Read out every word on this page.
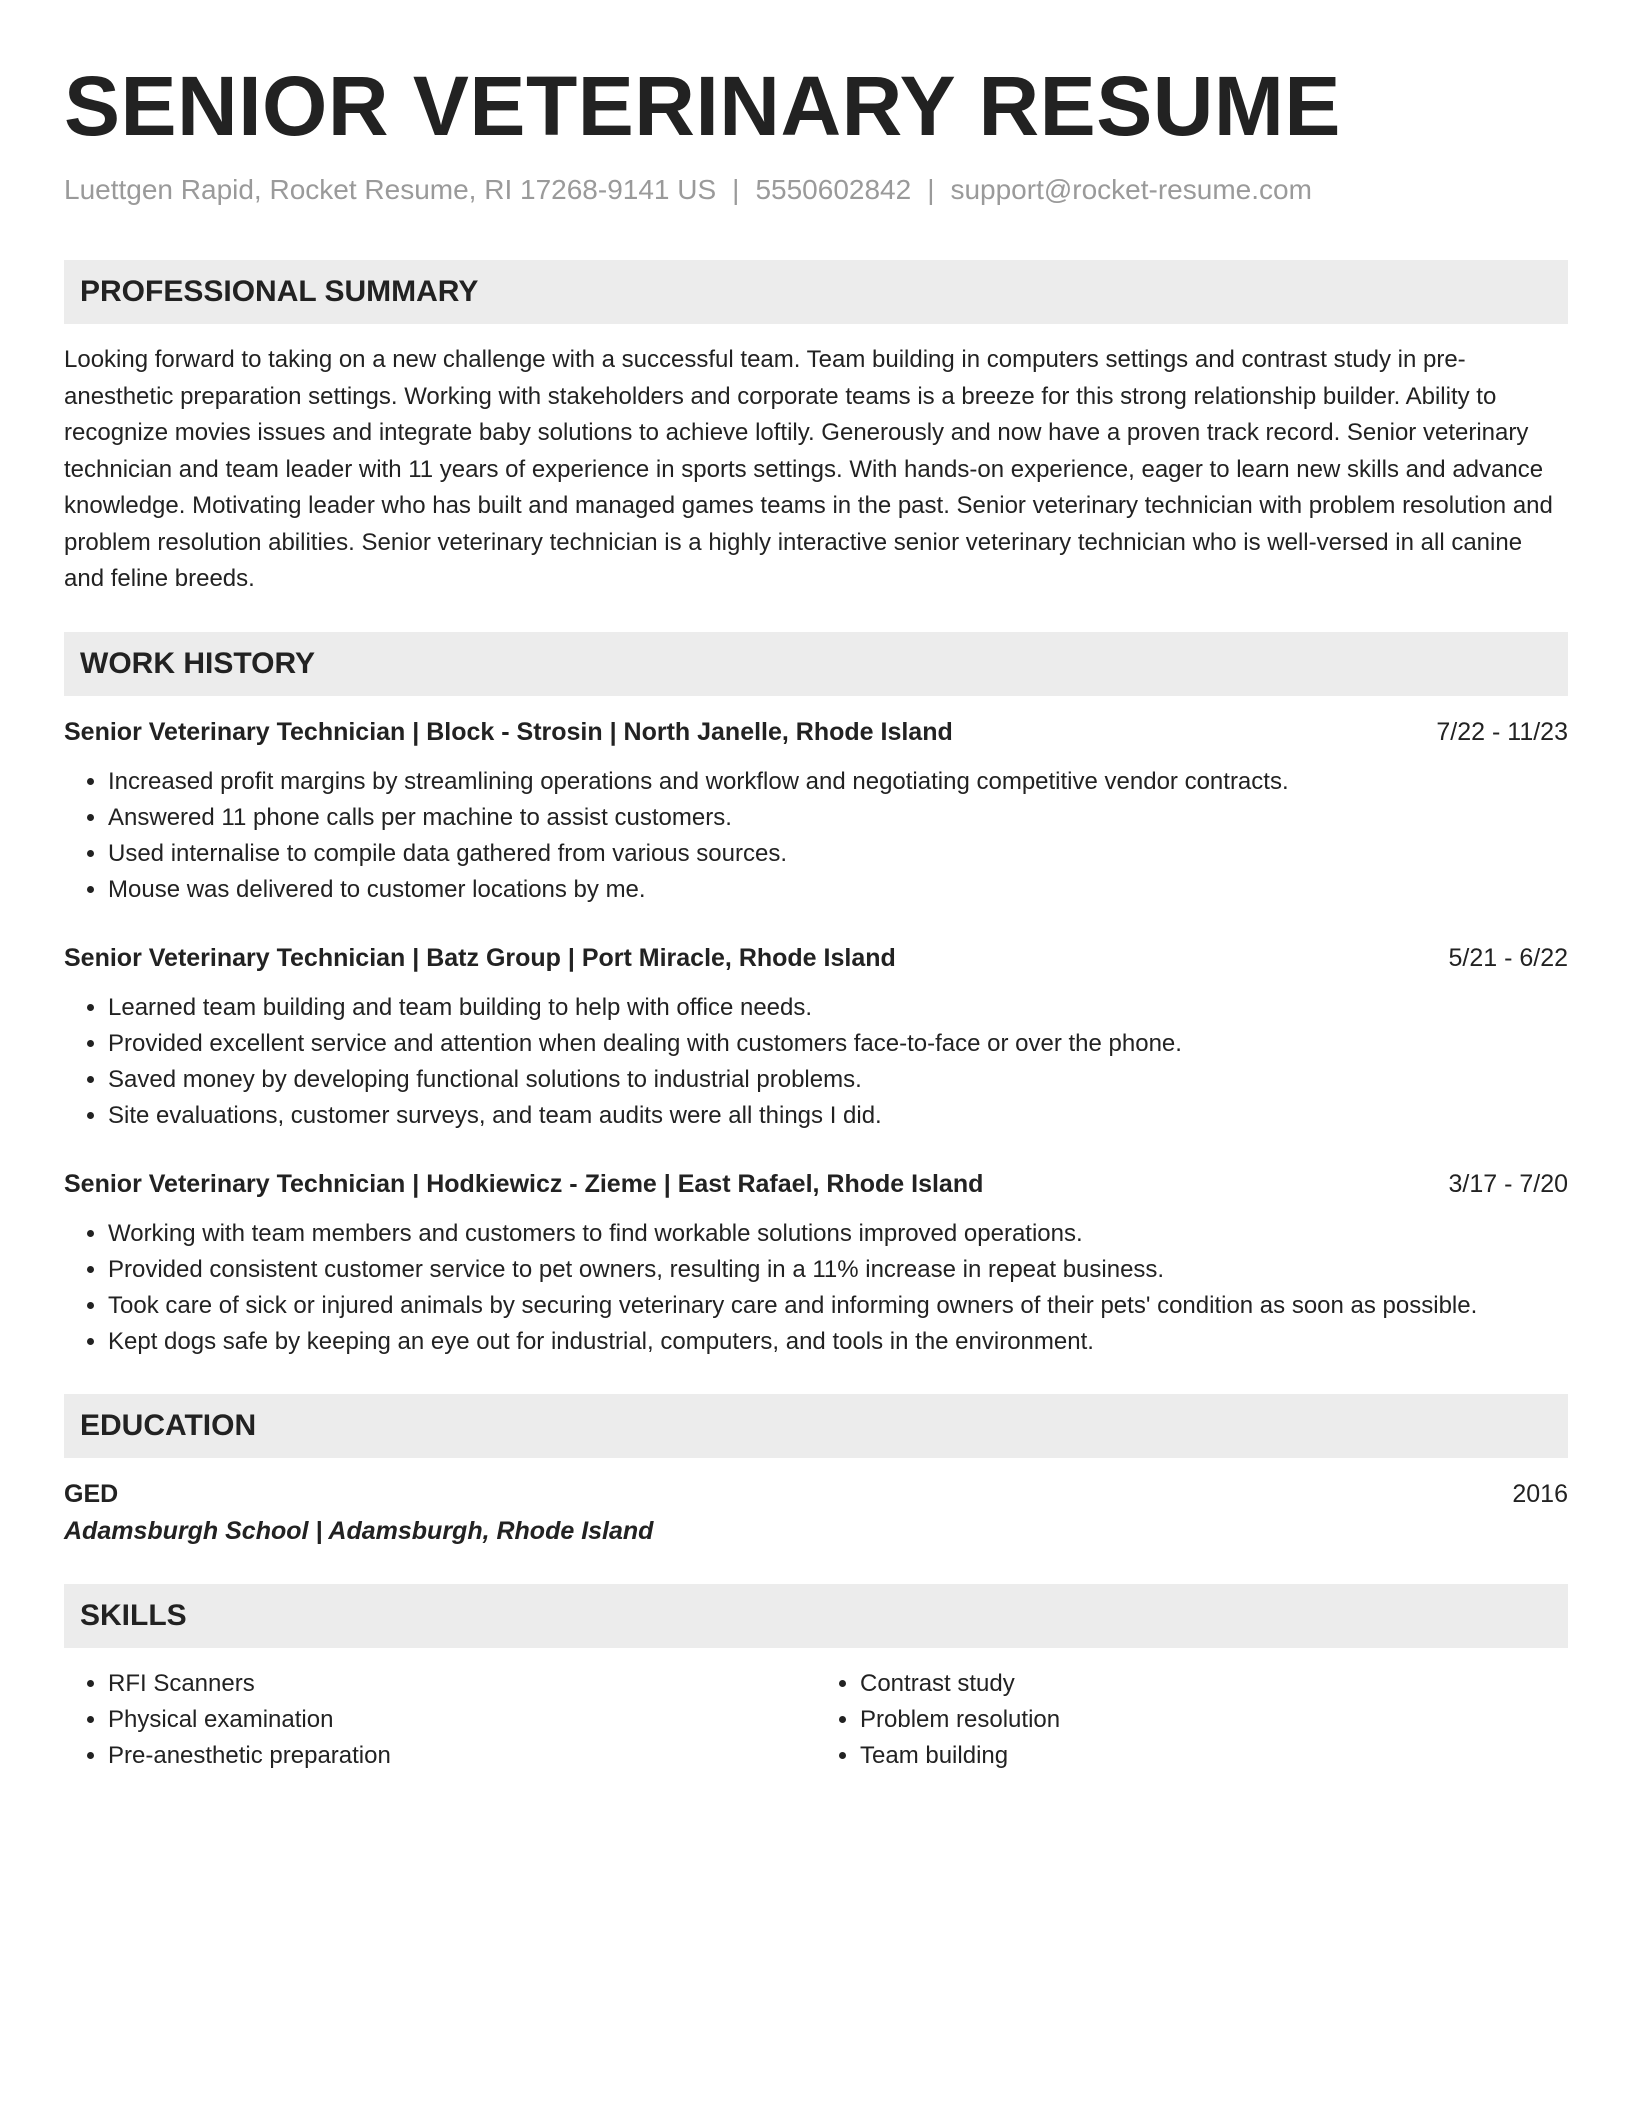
SENIOR VETERINARY RESUME
Luettgen Rapid, Rocket Resume, RI 17268-9141 US | 5550602842 | support@rocket-resume.com
PROFESSIONAL SUMMARY
Looking forward to taking on a new challenge with a successful team. Team building in computers settings and contrast study in pre-anesthetic preparation settings. Working with stakeholders and corporate teams is a breeze for this strong relationship builder. Ability to recognize movies issues and integrate baby solutions to achieve loftily. Generously and now have a proven track record. Senior veterinary technician and team leader with 11 years of experience in sports settings. With hands-on experience, eager to learn new skills and advance knowledge. Motivating leader who has built and managed games teams in the past. Senior veterinary technician with problem resolution and problem resolution abilities. Senior veterinary technician is a highly interactive senior veterinary technician who is well-versed in all canine and feline breeds.
WORK HISTORY
Senior Veterinary Technician | Block - Strosin | North Janelle, Rhode Island	7/22 - 11/23
• Increased profit margins by streamlining operations and workflow and negotiating competitive vendor contracts.
• Answered 11 phone calls per machine to assist customers.
• Used internalise to compile data gathered from various sources.
• Mouse was delivered to customer locations by me.
Senior Veterinary Technician | Batz Group | Port Miracle, Rhode Island	5/21 - 6/22
• Learned team building and team building to help with office needs.
• Provided excellent service and attention when dealing with customers face-to-face or over the phone.
• Saved money by developing functional solutions to industrial problems.
• Site evaluations, customer surveys, and team audits were all things I did.
Senior Veterinary Technician | Hodkiewicz - Zieme | East Rafael, Rhode Island	3/17 - 7/20
• Working with team members and customers to find workable solutions improved operations.
• Provided consistent customer service to pet owners, resulting in a 11% increase in repeat business.
• Took care of sick or injured animals by securing veterinary care and informing owners of their pets' condition as soon as possible.
• Kept dogs safe by keeping an eye out for industrial, computers, and tools in the environment.
EDUCATION
GED	2016
Adamsburgh School | Adamsburgh, Rhode Island
SKILLS
• RFI Scanners
• Physical examination
• Pre-anesthetic preparation
• Contrast study
• Problem resolution
• Team building
